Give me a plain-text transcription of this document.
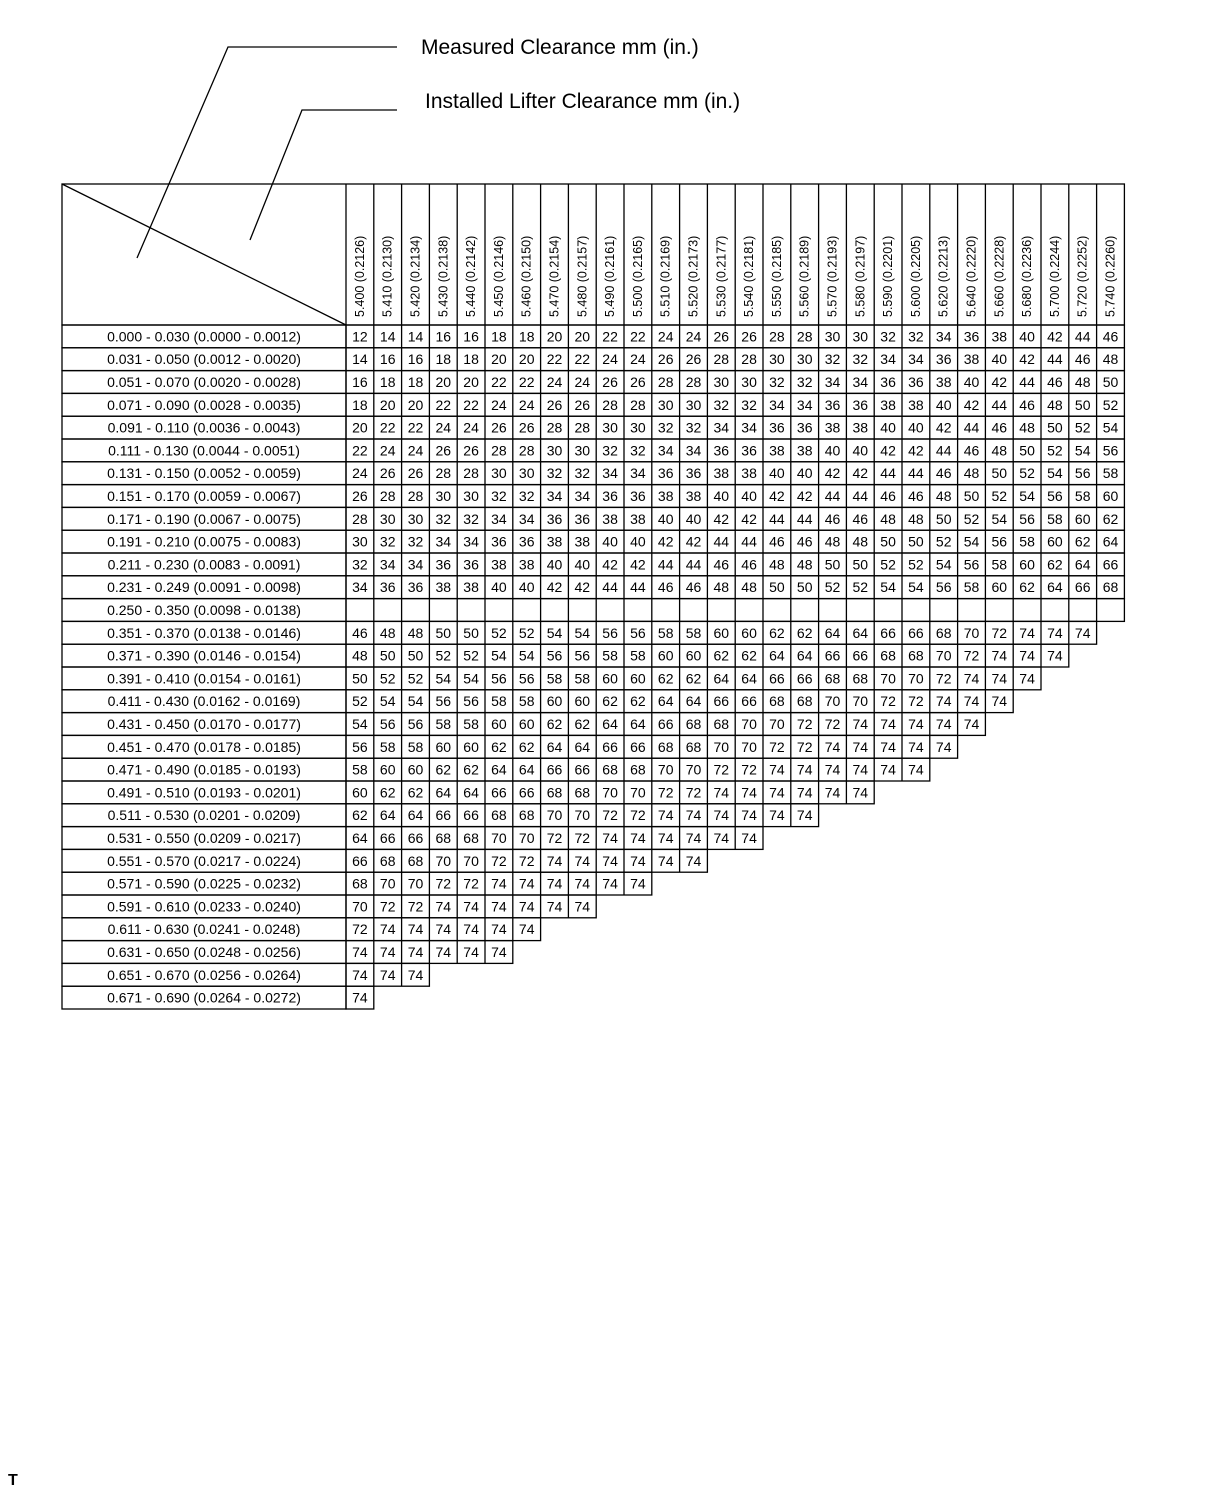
Measured Clearance mm (in.)
Installed Lifter Clearance mm (in.)
5.400 (0.2126) 5.410 (0.2130) 5.420 (0.2134) 5.430 (0.2138) 5.440 (0.2142) 5.450 (0.2146) 5.460 (0.2150) 5.470 (0.2154) 5.480 (0.2157) 5.490 (0.2161) 5.500 (0.2165) 5.510 (0.2169) 5.520 (0.2173) 5.530 (0.2177) 5.540 (0.2181) 5.550 (0.2185) 5.560 (0.2189) 5.570 (0.2193) 5.580 (0.2197) 5.590 (0.2201) 5.600 (0.2205) 5.620 (0.2213) 5.640 (0.2220) 5.660 (0.2228) 5.680 (0.2236) 5.700 (0.2244) 5.720 (0.2252) 5.740 (0.2260)
0.000 - 0.030 (0.0000 - 0.0012)
0.031 - 0.050 (0.0012 - 0.0020)
0.051 - 0.070 (0.0020 - 0.0028)
0.071 - 0.090 (0.0028 - 0.0035)
0.091 - 0.110 (0.0036 - 0.0043)
0.111 - 0.130 (0.0044 - 0.0051)
0.131 - 0.150 (0.0052 - 0.0059)
0.151 - 0.170 (0.0059 - 0.0067)
0.171 - 0.190 (0.0067 - 0.0075)
0.191 - 0.210 (0.0075 - 0.0083)
0.211 - 0.230 (0.0083 - 0.0091)
0.231 - 0.249 (0.0091 - 0.0098)
0.250 - 0.350 (0.0098 - 0.0138)
0.351 - 0.370 (0.0138 - 0.0146)
0.371 - 0.390 (0.0146 - 0.0154)
0.391 - 0.410 (0.0154 - 0.0161)
0.411 - 0.430 (0.0162 - 0.0169)
0.431 - 0.450 (0.0170 - 0.0177)
0.451 - 0.470 (0.0178 - 0.0185)
0.471 - 0.490 (0.0185 - 0.0193)
0.491 - 0.510 (0.0193 - 0.0201)
0.511 - 0.530 (0.0201 - 0.0209)
0.531 - 0.550 (0.0209 - 0.0217)
0.551 - 0.570 (0.0217 - 0.0224)
0.571 - 0.590 (0.0225 - 0.0232)
0.591 - 0.610 (0.0233 - 0.0240)
0.611 - 0.630 (0.0241 - 0.0248)
0.631 - 0.650 (0.0248 - 0.0256)
0.651 - 0.670 (0.0256 - 0.0264)
0.671 - 0.690 (0.0264 - 0.0272)
12 14 14 16 16 18 18 20 20 22 22 24 24 26 26 28 28 30 30 32 32 34 36 38 40 42 44 46
14 16 16 18 18 20 20 22 22 24 24 26 26 28 28 30 30 32 32 34 34 36 38 40 42 44 46 48
16 18 18 20 20 22 22 24 24 26 26 28 28 30 30 32 32 34 34 36 36 38 40 42 44 46 48 50
18 20 20 22 22 24 24 26 26 28 28 30 30 32 32 34 34 36 36 38 38 40 42 44 46 48 50 52
20 22 22 24 24 26 26 28 28 30 30 32 32 34 34 36 36 38 38 40 40 42 44 46 48 50 52 54
22 24 24 26 26 28 28 30 30 32 32 34 34 36 36 38 38 40 40 42 42 44 46 48 50 52 54 56
24 26 26 28 28 30 30 32 32 34 34 36 36 38 38 40 40 42 42 44 44 46 48 50 52 54 56 58
26 28 28 30 30 32 32 34 34 36 36 38 38 40 40 42 42 44 44 46 46 48 50 52 54 56 58 60
28 30 30 32 32 34 34 36 36 38 38 40 40 42 42 44 44 46 46 48 48 50 52 54 56 58 60 62
30 32 32 34 34 36 36 38 38 40 40 42 42 44 44 46 46 48 48 50 50 52 54 56 58 60 62 64
32 34 34 36 36 38 38 40 40 42 42 44 44 46 46 48 48 50 50 52 52 54 56 58 60 62 64 66
34 36 36 38 38 40 40 42 42 44 44 46 46 48 48 50 50 52 52 54 54 56 58 60 62 64 66 68
46 48 48 50 50 52 52 54 54 56 56 58 58 60 60 62 62 64 64 66 66 68 70 72 74 74 74
48 50 50 52 52 54 54 56 56 58 58 60 60 62 62 64 64 66 66 68 68 70 72 74 74 74
50 52 52 54 54 56 56 58 58 60 60 62 62 64 64 66 66 68 68 70 70 72 74 74 74
52 54 54 56 56 58 58 60 60 62 62 64 64 66 66 68 68 70 70 72 72 74 74 74
54 56 56 58 58 60 60 62 62 64 64 66 68 68 70 70 72 72 74 74 74 74 74
56 58 58 60 60 62 62 64 64 66 66 68 68 70 70 72 72 74 74 74 74 74
58 60 60 62 62 64 64 66 66 68 68 70 70 72 72 74 74 74 74 74 74
60 62 62 64 64 66 66 68 68 70 70 72 72 74 74 74 74 74 74
62 64 64 66 66 68 68 70 70 72 72 74 74 74 74 74 74
64 66 66 68 68 70 70 72 72 74 74 74 74 74 74
66 68 68 70 70 72 72 74 74 74 74 74 74
68 70 70 72 72 74 74 74 74 74 74
70 72 72 74 74 74 74 74 74
72 74 74 74 74 74 74
74 74 74 74 74 74
74 74 74
74
T
